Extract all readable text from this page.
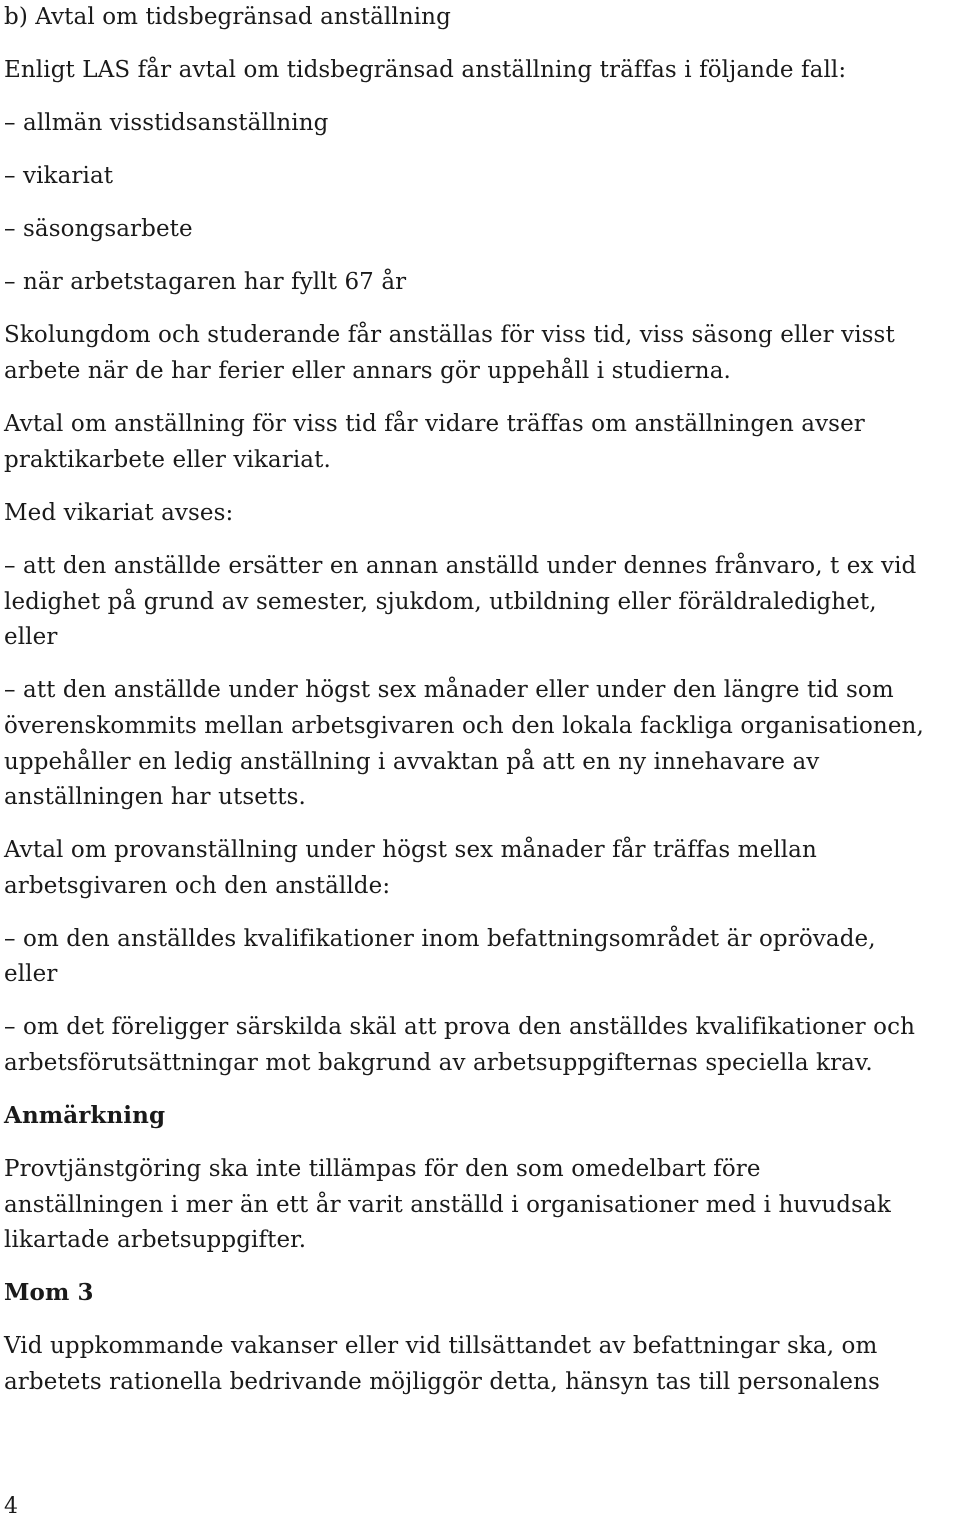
b) Avtal om tidsbegränsad anställning
Enligt LAS får avtal om tidsbegränsad anställning träffas i följande fall:
– allmän visstidsanställning
– vikariat
– säsongsarbete
– när arbetstagaren har fyllt 67 år
Skolungdom och studerande får anställas för viss tid, viss säsong eller visst
arbete när de har ferier eller annars gör uppehåll i studierna.
Avtal om anställning för viss tid får vidare träffas om anställningen avser
praktikarbete eller vikariat.
Med vikariat avses:
– att den anställde ersätter en annan anställd under dennes frånvaro, t ex vid
ledighet på grund av semester, sjukdom, utbildning eller föräldraledighet,
eller
– att den anställde under högst sex månader eller under den längre tid som
överenskommits mellan arbetsgivaren och den lokala fackliga organisationen,
uppehåller en ledig anställning i avvaktan på att en ny innehavare av
anställningen har utsetts.
Avtal om provanställning under högst sex månader får träffas mellan
arbetsgivaren och den anställde:
– om den anställdes kvalifikationer inom befattningsområdet är oprövade,
eller
– om det föreligger särskilda skäl att prova den anställdes kvalifikationer och
arbetsförutsättningar mot bakgrund av arbetsuppgifternas speciella krav.
Anmärkning
Provtjänstgöring ska inte tillämpas för den som omedelbart före
anställningen i mer än ett år varit anställd i organisationer med i huvudsak
likartade arbetsuppgifter.
Mom 3
Vid uppkommande vakanser eller vid tillsättandet av befattningar ska, om
arbetets rationella bedrivande möjliggör detta, hänsyn tas till personalens
4
